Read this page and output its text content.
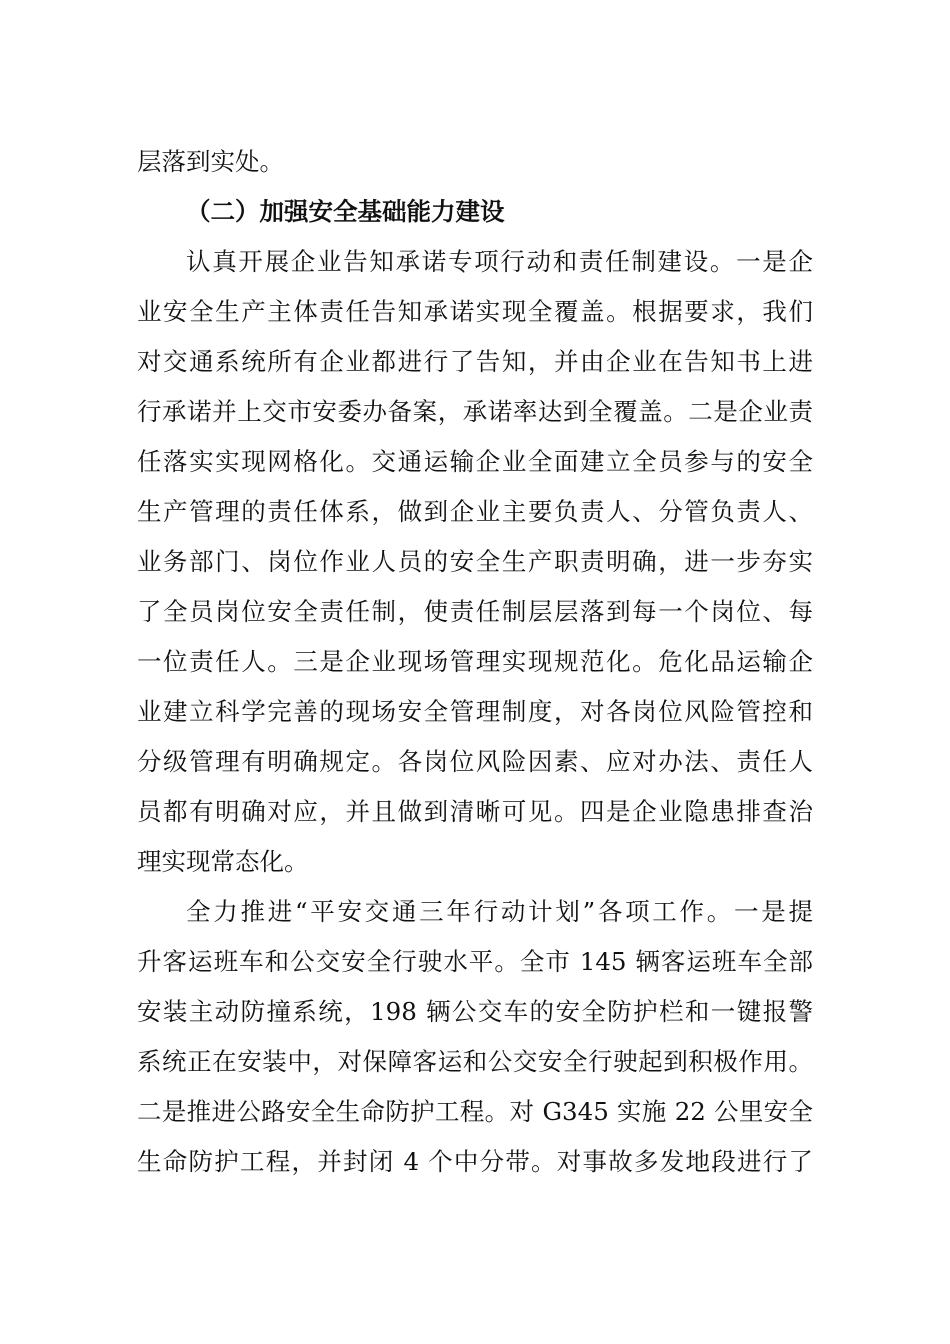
层落到实处。
（二）加强安全基础能力建设
认真开展企业告知承诺专项行动和责任制建设。一是企
业安全生产主体责任告知承诺实现全覆盖。根据要求，我们
对交通系统所有企业都进行了告知，并由企业在告知书上进
行承诺并上交市安委办备案，承诺率达到全覆盖。二是企业责
任落实实现网格化。交通运输企业全面建立全员参与的安全
生产管理的责任体系，做到企业主要负责人、分管负责人、
业务部门、岗位作业人员的安全生产职责明确，进一步夯实
了全员岗位安全责任制，使责任制层层落到每一个岗位、每
一位责任人。三是企业现场管理实现规范化。危化品运输企
业建立科学完善的现场安全管理制度，对各岗位风险管控和
分级管理有明确规定。各岗位风险因素、应对办法、责任人
员都有明确对应，并且做到清晰可见。四是企业隐患排查治
理实现常态化。
全力推进“平安交通三年行动计划”各项工作。一是提
升客运班车和公交安全行驶水平。全市 145 辆客运班车全部
安装主动防撞系统，198 辆公交车的安全防护栏和一键报警
系统正在安装中，对保障客运和公交安全行驶起到积极作用。
二是推进公路安全生命防护工程。对 G345 实施 22 公里安全
生命防护工程，并封闭 4 个中分带。对事故多发地段进行了
